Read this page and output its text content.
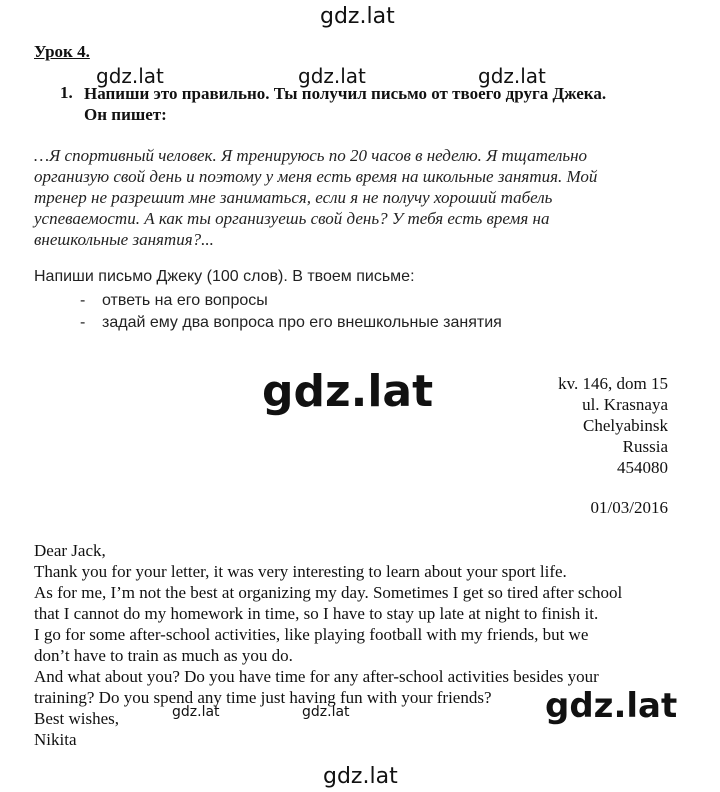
gdz.lat
gdz.lat	gdz.lat	gdz.lat
gdz.lat
gdz.lat
gdz.lat	gdz.lat
gdz.lat
Урок 4.
1. Напиши это правильно. Ты получил письмо от твоего друга Джека.
Он пишет:
…Я спортивный человек. Я тренируюсь по 20 часов в неделю. Я тщательно
организую свой день и поэтому у меня есть время на школьные занятия. Мой
тренер не разрешит мне заниматься, если я не получу хороший табель
успеваемости. А как ты организуешь свой день? У тебя есть время на
внешкольные занятия?...
Напиши письмо Джеку (100 слов). В твоем письме:
- ответь на его вопросы
- задай ему два вопроса про его внешкольные занятия
kv. 146, dom 15
ul. Krasnaya
Chelyabinsk
Russia
454080
01/03/2016

Dear Jack,

Thank you for your letter, it was very interesting to learn about your sport life.

As for me, I’m not the best at organizing my day. Sometimes I get so tired after school

that I cannot do my homework in time, so I have to stay up late at night to finish it.

I go for some after-school activities, like playing football with my friends, but we

don’t have to train as much as you do.

And what about you? Do you have time for any after-school activities besides your

training? Do you spend any time just having fun with your friends?

Best wishes,

Nikita
